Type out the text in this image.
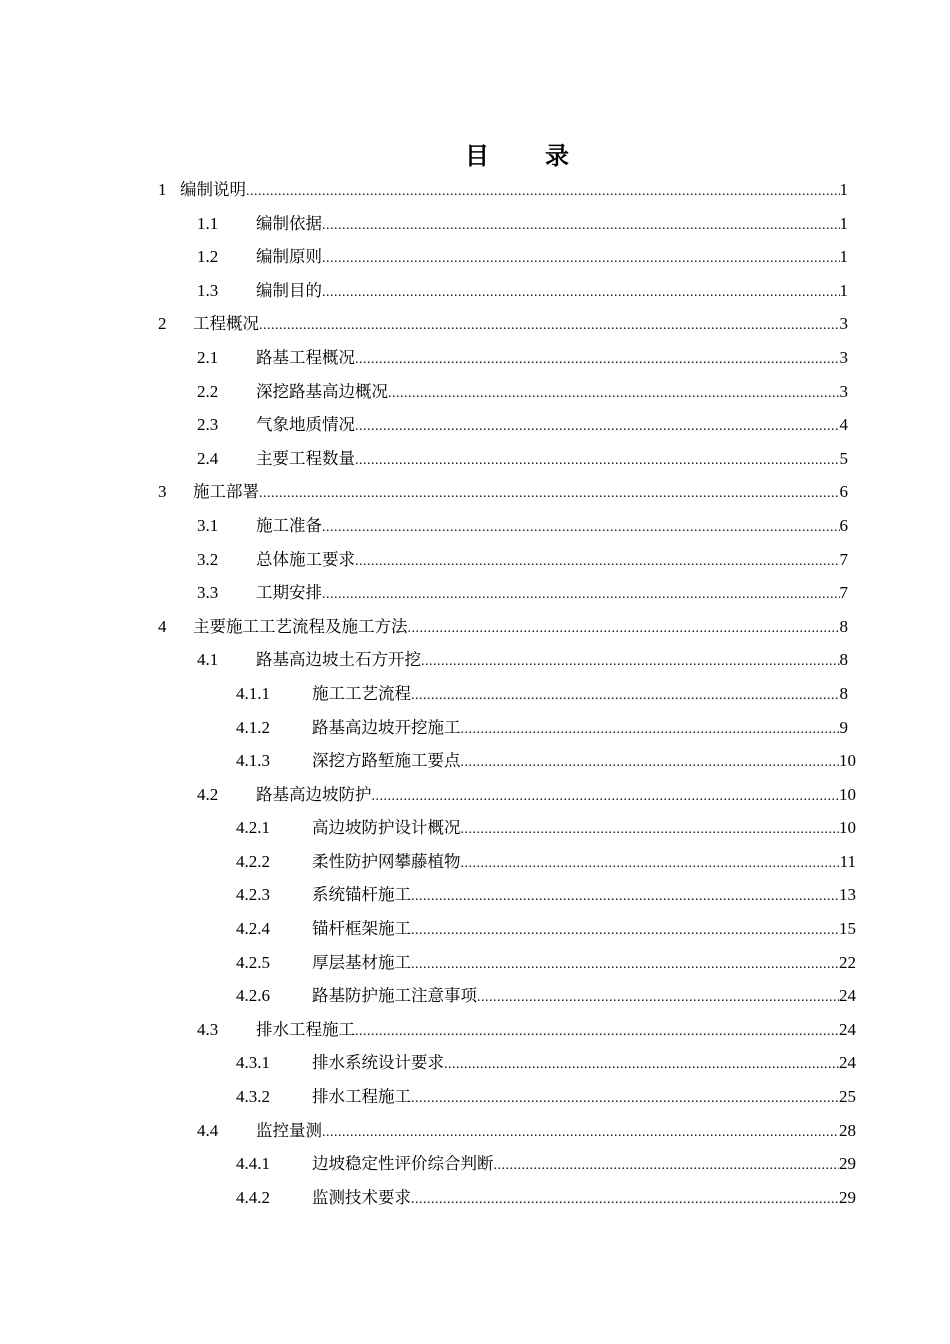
目　录
1 编制说明 .....	1
1.1 编制依据 .....	1
1.2 编制原则 .....	1
1.3 编制目的 .....	1
2 工程概况 .....	3
2.1 路基工程概况 .....	3
2.2 深挖路基高边概况 .....	3
2.3 气象地质情况 .....	4
2.4 主要工程数量 .....	5
3 施工部署 .....	6
3.1 施工准备 .....	6
3.2 总体施工要求 .....	7
3.3 工期安排 .....	7
4 主要施工工艺流程及施工方法 .....	8
4.1 路基高边坡土石方开挖 .....	8
4.1.1	施工工艺流程 .....	8
4.1.2	路基高边坡开挖施工 .....	9
4.1.3	深挖方路堑施工要点 .....	10
4.2 路基高边坡防护 .....	10
4.2.1	高边坡防护设计概况 .....	10
4.2.2	柔性防护网攀藤植物 .....	11
4.2.3	系统锚杆施工 .....	13
4.2.4	锚杆框架施工 .....	15
4.2.5	厚层基材施工 .....	22
4.2.6	路基防护施工注意事项 .....	24
4.3 排水工程施工 .....	24
4.3.1	排水系统设计要求 .....	24
4.3.2	排水工程施工 .....	25
4.4 监控量测 .....	28
4.4.1	边坡稳定性评价综合判断 .....	29
4.4.2	监测技术要求 .....	29
